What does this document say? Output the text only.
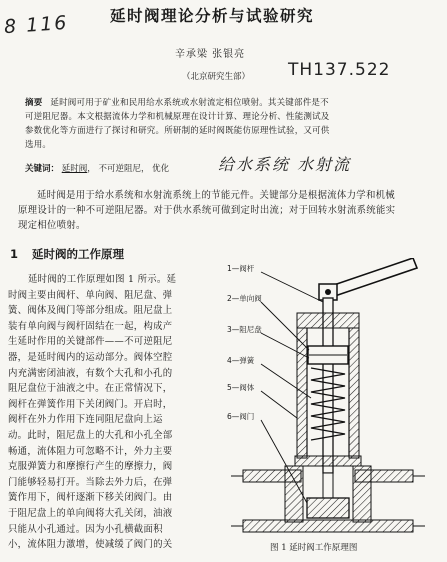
8 116
TH137.522
延时阀理论分析与试验研究
辛承梁 张银亮
（北京研究生部）
摘要 延时阀可用于矿业和民用给水系统或水射流定相位喷射。其关键部件是不
可逆阻尼器。本文根据流体力学和机械原理在设计计算、理论分析、性能测试及
参数优化等方面进行了探讨和研究。所研制的延时阀既能仿原理性试验，又可供
选用。
关键词： 延时阀， 不可逆阻尼， 优化	给水系统 水射流
延时阀是用于给水系统和水射流系统上的节能元件。关键部分是根据流体力学和机械
原理设计的一种不可逆阻尼器。对于供水系统可做到定时出流；对于回转水射流系统能实
现定相位喷射。
1 延时阀的工作原理
延时阀的工作原理如图 1 所示。延
时阀主要由阀杆、单向阀、阻尼盘、弹
簧、阀体及阀门等部分组成。阻尼盘上
装有单向阀与阀杆固结在一起，构成产
生延时作用的关键部件——不可逆阻尼
器，是延时阀内的运动部分。阀体空腔
内充满密闭油液，有数个大孔和小孔的
阻尼盘位于油液之中。在正常情况下，
阀杆在弹簧作用下关闭阀门。开启时，
阀杆在外力作用下连同阻尼盘向上运
动。此时，阻尼盘上的大孔和小孔全部
畅通，流体阻力可忽略不计，外力主要
克服弹簧力和摩擦行产生的摩擦力，阀
门能够轻易打开。当除去外力后，在弹
簧作用下，阀杆逐渐下移关闭阀门。由
于阻尼盘上的单向阀将大孔关闭，油液
只能从小孔通过。因为小孔横截面积
小，流体阻力激增，使减缓了阀门的关
1—阀杆
2—单向阀
3—阻尼盘
4—弹簧
5—阀体
6—阀门
图 1 延时阀工作原理图
